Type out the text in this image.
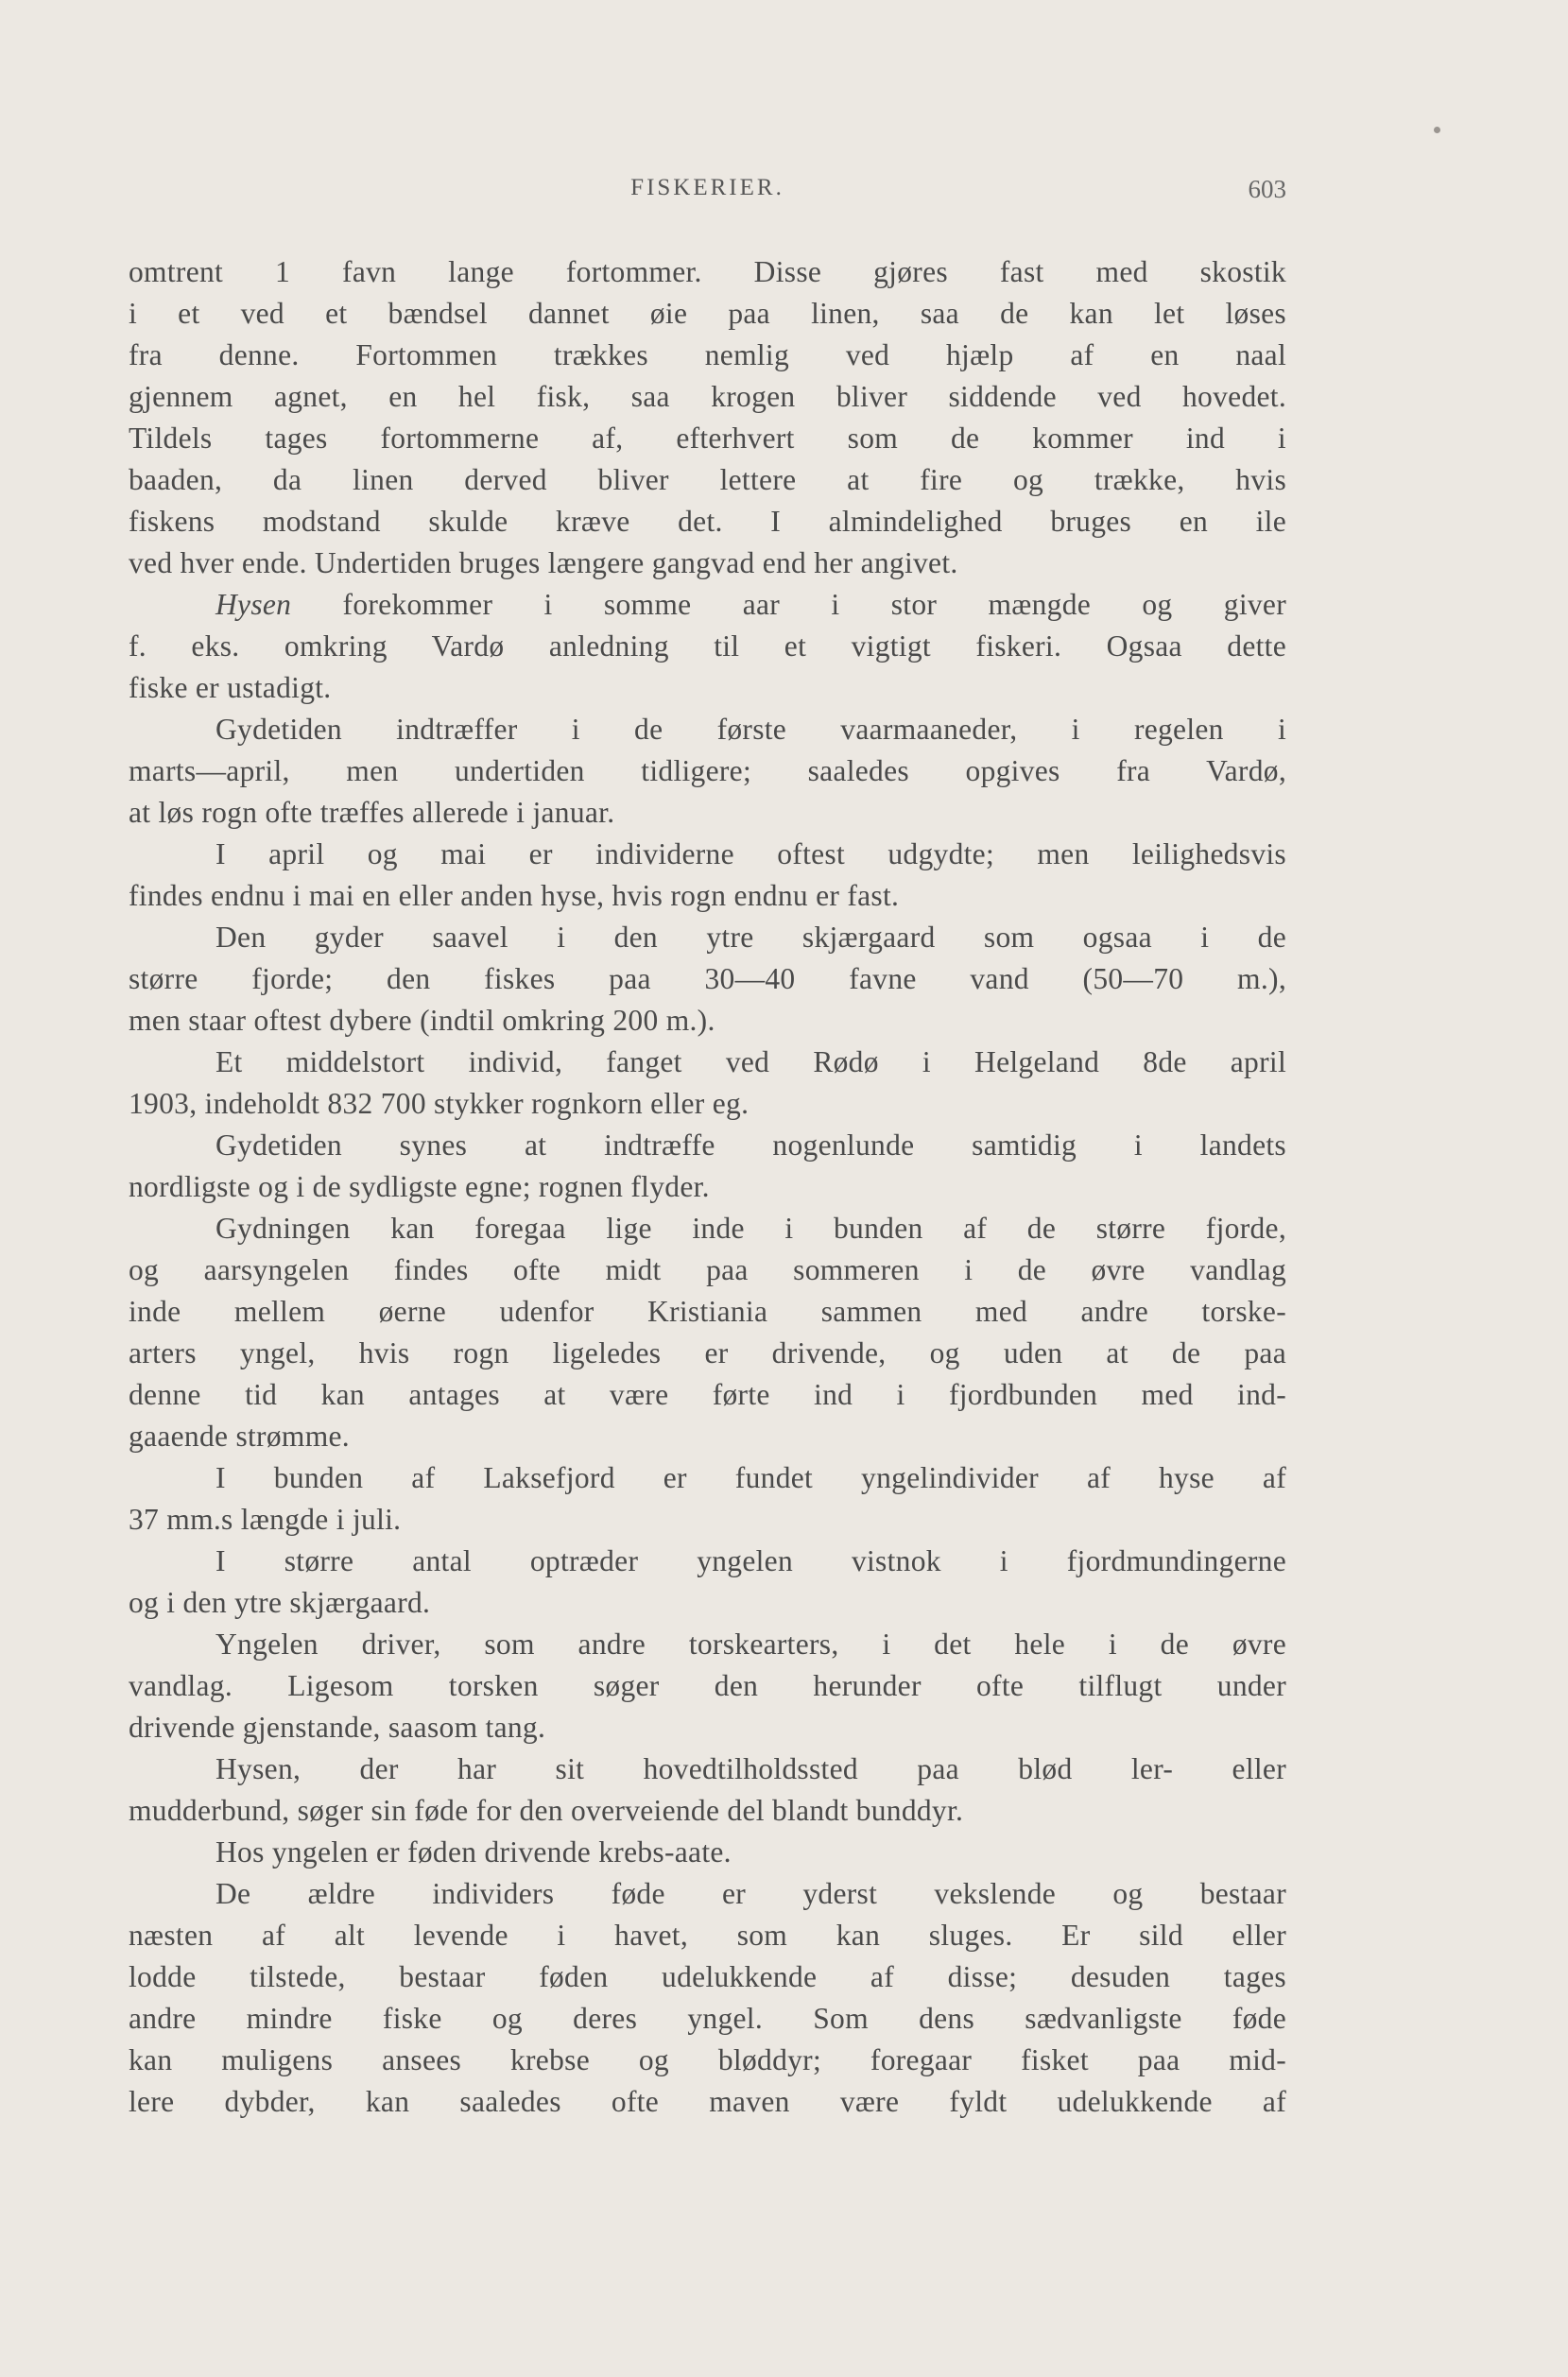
FISKERIER.	603
omtrent 1 favn lange fortommer. Disse gjøres fast med skostik
i et ved et bændsel dannet øie paa linen, saa de kan let løses
fra denne. Fortommen trækkes nemlig ved hjælp af en naal
gjennem agnet, en hel fisk, saa krogen bliver siddende ved hovedet.
Tildels tages fortommerne af, efterhvert som de kommer ind i
baaden, da linen derved bliver lettere at fire og trække, hvis
fiskens modstand skulde kræve det. I almindelighed bruges en ile
ved hver ende. Undertiden bruges længere gangvad end her angivet.
Hysen forekommer i somme aar i stor mængde og giver
f. eks. omkring Vardø anledning til et vigtigt fiskeri. Ogsaa dette
fiske er ustadigt.
Gydetiden indtræffer i de første vaarmaaneder, i regelen i
marts—april, men undertiden tidligere; saaledes opgives fra Vardø,
at løs rogn ofte træffes allerede i januar.
I april og mai er individerne oftest udgydte; men leilighedsvis
findes endnu i mai en eller anden hyse, hvis rogn endnu er fast.
Den gyder saavel i den ytre skjærgaard som ogsaa i de
større fjorde; den fiskes paa 30—40 favne vand (50—70 m.),
men staar oftest dybere (indtil omkring 200 m.).
Et middelstort individ, fanget ved Rødø i Helgeland 8de april
1903, indeholdt 832 700 stykker rognkorn eller eg.
Gydetiden synes at indtræffe nogenlunde samtidig i landets
nordligste og i de sydligste egne; rognen flyder.
Gydningen kan foregaa lige inde i bunden af de større fjorde,
og aarsyngelen findes ofte midt paa sommeren i de øvre vandlag
inde mellem øerne udenfor Kristiania sammen med andre torske-
arters yngel, hvis rogn ligeledes er drivende, og uden at de paa
denne tid kan antages at være førte ind i fjordbunden med ind-
gaaende strømme.
I bunden af Laksefjord er fundet yngelindivider af hyse af
37 mm.s længde i juli.
I større antal optræder yngelen vistnok i fjordmundingerne
og i den ytre skjærgaard.
Yngelen driver, som andre torskearters, i det hele i de øvre
vandlag. Ligesom torsken søger den herunder ofte tilflugt under
drivende gjenstande, saasom tang.
Hysen, der har sit hovedtilholdssted paa blød ler- eller
mudderbund, søger sin føde for den overveiende del blandt bunddyr.
Hos yngelen er føden drivende krebs-aate.
De ældre individers føde er yderst vekslende og bestaar
næsten af alt levende i havet, som kan sluges. Er sild eller
lodde tilstede, bestaar føden udelukkende af disse; desuden tages
andre mindre fiske og deres yngel. Som dens sædvanligste føde
kan muligens ansees krebse og bløddyr; foregaar fisket paa mid-
lere dybder, kan saaledes ofte maven være fyldt udelukkende af
